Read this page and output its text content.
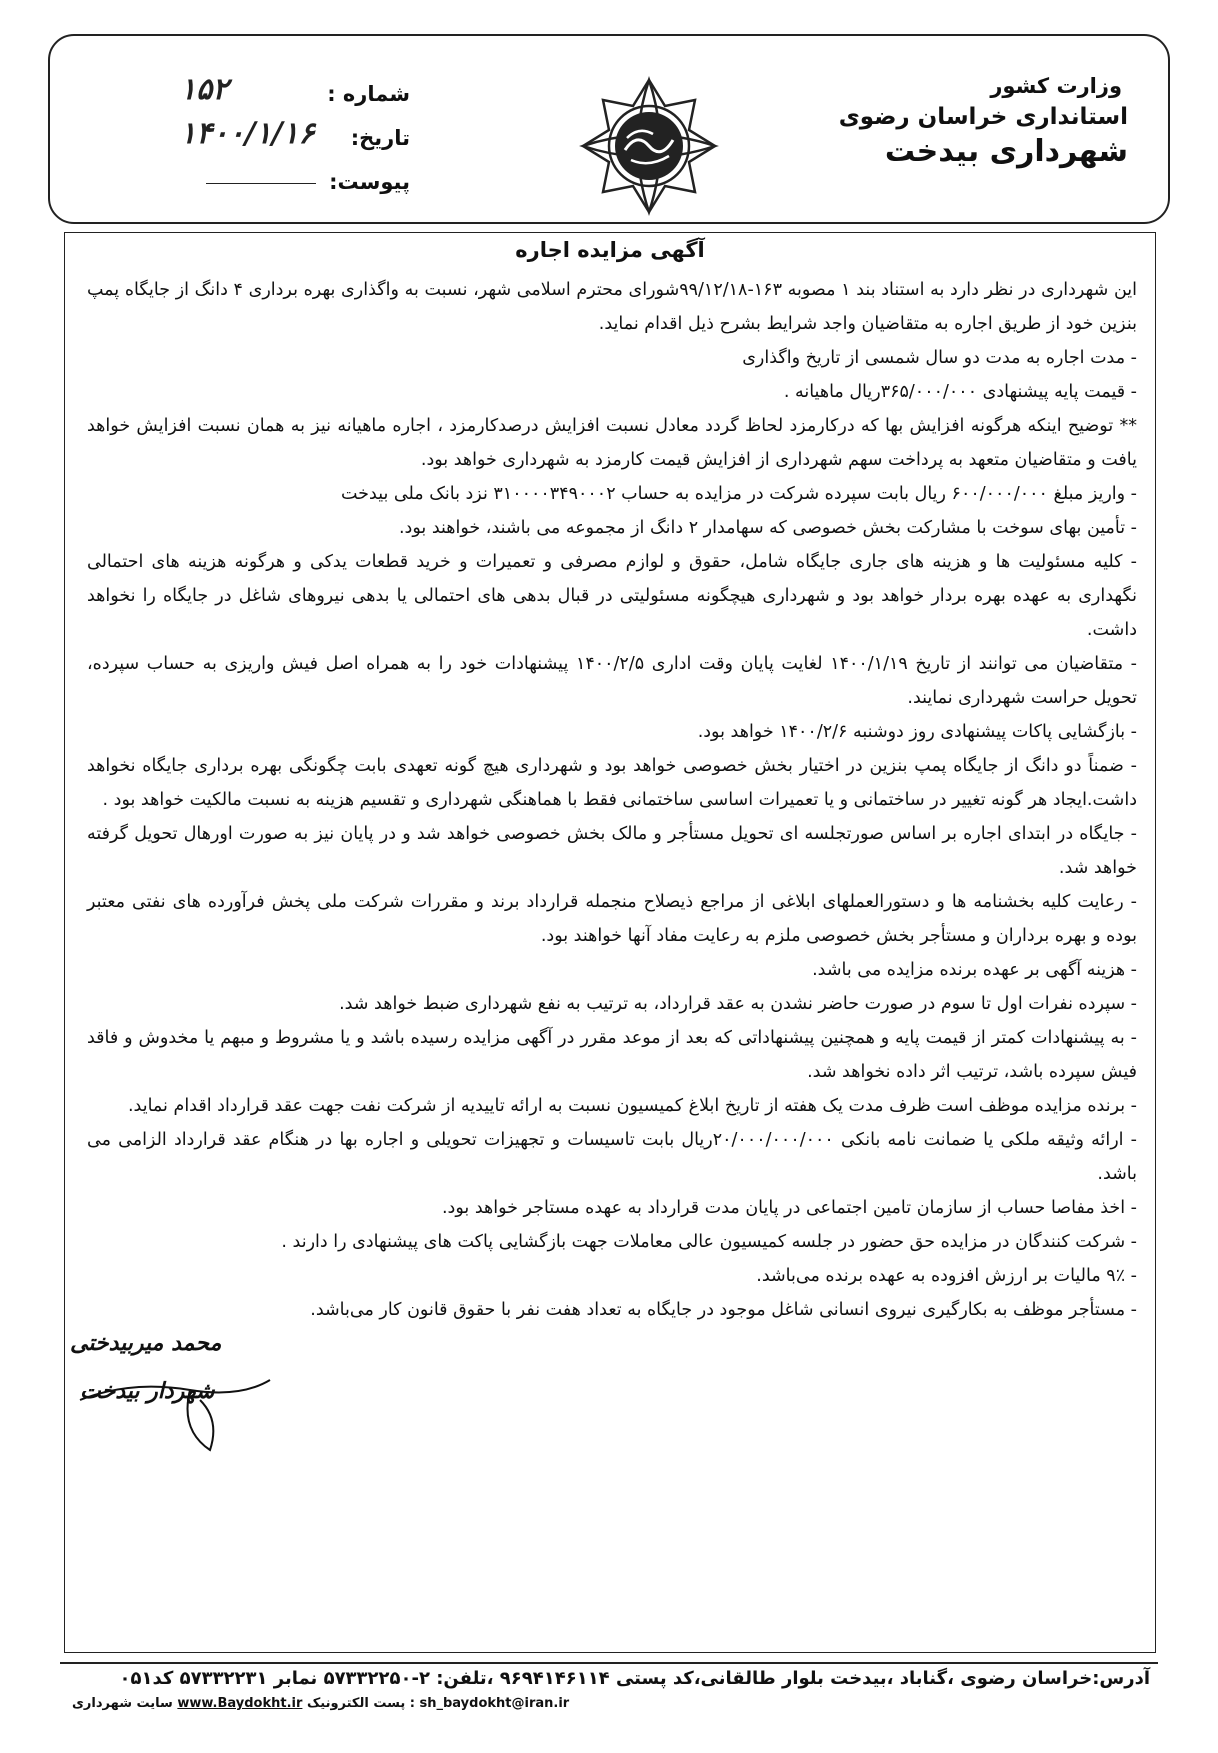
وزارت کشور
استانداری خراسان رضوی
شهرداری بیدخت
شماره :
۱۵۲
تاریخ:
۱۴۰۰/۱/۱۶
پیوست:
آگهی مزایده اجاره

این شهرداری در نظر دارد به استناد بند ۱ مصوبه ۱۶۳-۹۹/۱۲/۱۸شورای محترم اسلامی شهر، نسبت به واگذاری بهره برداری ۴ دانگ از جایگاه پمپ بنزین خود از طریق اجاره به متقاضیان واجد شرایط بشرح ذیل اقدام نماید.

- مدت اجاره به مدت دو سال شمسی از تاریخ واگذاری

- قیمت پایه پیشنهادی ۳۶۵/۰۰۰/۰۰۰ریال ماهیانه .

** توضیح اینکه هرگونه افزایش بها که درکارمزد لحاظ گردد معادل نسبت افزایش درصدکارمزد ، اجاره ماهیانه نیز به همان نسبت افزایش خواهد یافت و متقاضیان متعهد به پرداخت سهم شهرداری از افزایش قیمت کارمزد به شهرداری خواهد بود.

- واریز مبلغ ۶۰۰/۰۰۰/۰۰۰ ریال بابت سپرده شرکت در مزایده به حساب ۳۱۰۰۰۰۳۴۹۰۰۰۲ نزد بانک ملی بیدخت

- تأمین بهای سوخت با مشارکت بخش خصوصی که سهامدار ۲ دانگ از مجموعه می باشند، خواهند بود.

- کلیه مسئولیت ها و هزینه های جاری جایگاه شامل، حقوق و لوازم مصرفی و تعمیرات و خرید قطعات یدکی و هرگونه هزینه های احتمالی نگهداری به عهده بهره بردار خواهد بود و شهرداری هیچگونه مسئولیتی در قبال بدهی های احتمالی یا بدهی نیروهای شاغل در جایگاه را نخواهد داشت.

- متقاضیان می توانند از تاریخ ۱۴۰۰/۱/۱۹ لغایت پایان وقت اداری ۱۴۰۰/۲/۵ پیشنهادات خود را به همراه اصل فیش واریزی به حساب سپرده، تحویل حراست شهرداری نمایند.

- بازگشایی پاکات پیشنهادی روز دوشنبه ۱۴۰۰/۲/۶ خواهد بود.

- ضمناً دو دانگ از جایگاه پمپ بنزین در اختیار بخش خصوصی خواهد بود و شهرداری هیچ گونه تعهدی بابت چگونگی بهره برداری جایگاه نخواهد داشت.ایجاد هر گونه تغییر در ساختمانی و یا تعمیرات اساسی ساختمانی فقط با هماهنگی شهرداری و تقسیم هزینه به نسبت مالکیت خواهد بود .

- جایگاه در ابتدای اجاره بر اساس صورتجلسه ای تحویل مستأجر و مالک بخش خصوصی خواهد شد و در پایان نیز به صورت اورهال تحویل گرفته خواهد شد.

- رعایت کلیه بخشنامه ها و دستورالعملهای ابلاغی از مراجع ذیصلاح منجمله قرارداد برند و مقررات شرکت ملی پخش فرآورده های نفتی معتبر بوده و بهره برداران و مستأجر بخش خصوصی ملزم به رعایت مفاد آنها خواهند بود.

- هزینه آگهی بر عهده برنده مزایده می باشد.

- سپرده نفرات اول تا سوم در صورت حاضر نشدن به عقد قرارداد، به ترتیب به نفع شهرداری ضبط خواهد شد.

- به پیشنهادات کمتر از قیمت پایه و همچنین پیشنهاداتی که بعد از موعد مقرر در آگهی مزایده رسیده باشد و یا مشروط و مبهم یا مخدوش و فاقد فیش سپرده باشد، ترتیب اثر داده نخواهد شد.

- برنده مزایده موظف است ظرف مدت یک هفته از تاریخ ابلاغ کمیسیون نسبت به ارائه تاییدیه از شرکت نفت جهت عقد قرارداد اقدام نماید.

- ارائه وثیقه ملکی یا ضمانت نامه بانکی ۲۰/۰۰۰/۰۰۰/۰۰۰ریال بابت تاسیسات و تجهیزات تحویلی و اجاره بها در هنگام عقد قرارداد الزامی می باشد.

- اخذ مفاصا حساب از سازمان تامین اجتماعی در پایان مدت قرارداد به عهده مستاجر خواهد بود.

- شرکت کنندگان در مزایده حق حضور در جلسه کمیسیون عالی معاملات جهت بازگشایی پاکت های پیشنهادی را دارند .

- ۹٪ مالیات بر ارزش افزوده به عهده برنده می‌باشد.

- مستأجر موظف به بکارگیری نیروی انسانی شاغل موجود در جایگاه به تعداد هفت نفر با حقوق قانون کار می‌باشد.

محمد میربیدختی
شهردار بیدخت
آدرس:خراسان رضوی ،گناباد ،بیدخت بلوار طالقانی،کد پستی ۹۶۹۴۱۴۶۱۱۴ ،تلفن: ۲-۵۷۳۳۲۲۵۰ نمابر ۵۷۳۳۲۲۳۱ کد۰۵۱
sh_baydokht@iran.ir : پست الکترونیک www.Baydokht.ir سایت شهرداری
